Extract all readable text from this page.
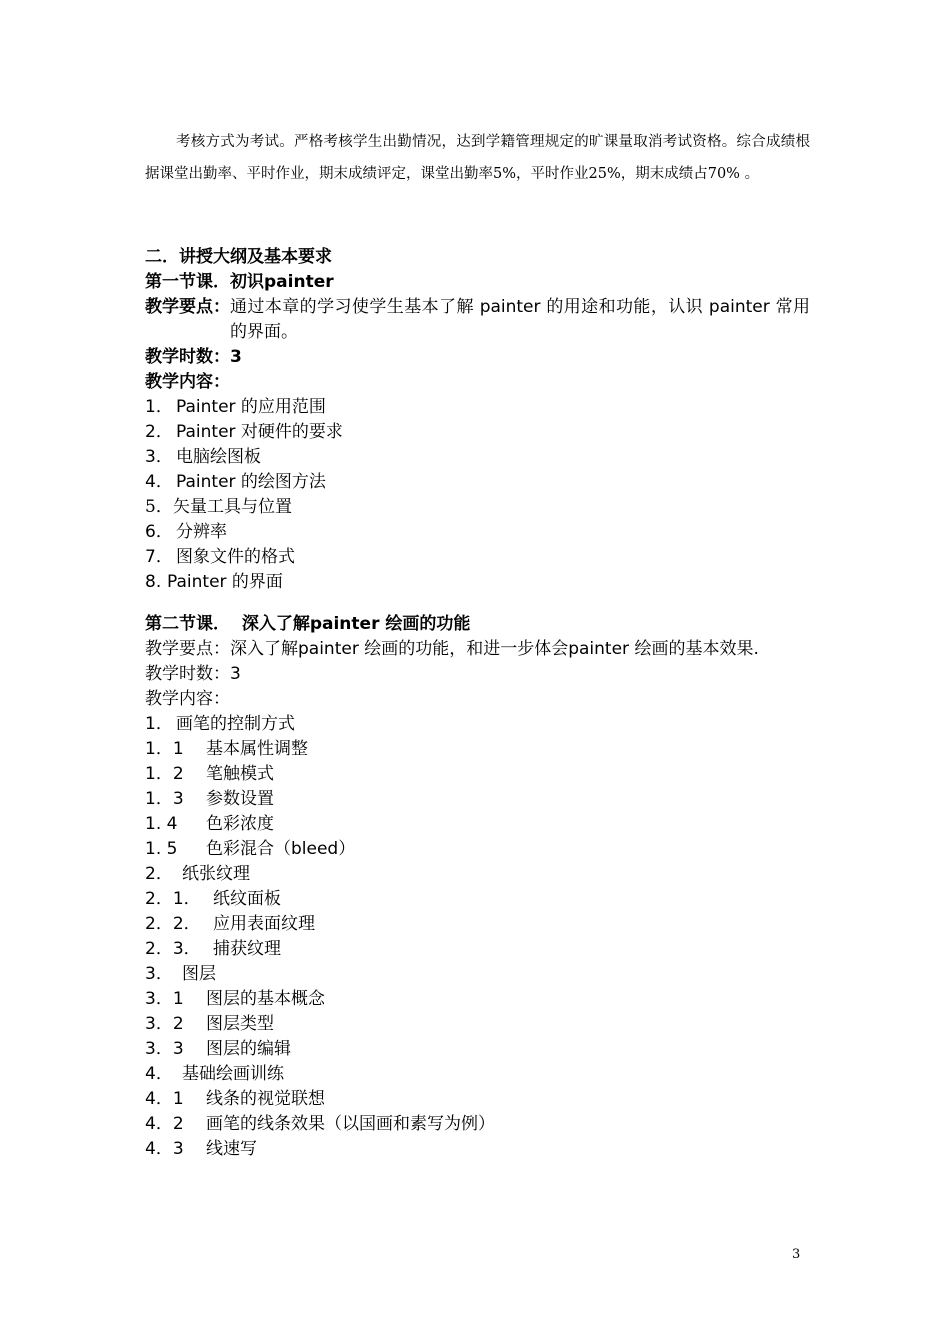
考核方式为考试。严格考核学生出勤情况，达到学籍管理规定的旷课量取消考试资格。综合成绩根据课堂出勤率、平时作业，期末成绩评定，课堂出勤率5%，平时作业25%，期末成绩占70% 。

二．讲授大纲及基本要求
第一节课．初识painter
教学要点： 通过本章的学习使学生基本了解 painter 的用途和功能，认识 painter 常用的界面。
教学时数：3
教学内容：
1． Painter 的应用范围
2． Painter 对硬件的要求
3． 电脑绘图板
4． Painter 的绘图方法
5．矢量工具与位置
6． 分辨率
7． 图象文件的格式
8.Painter 的界面
第二节课．  深入了解painter 绘画的功能
教学要点： 深入了解painter 绘画的功能，和进一步体会painter 绘画的基本效果.
教学时数：3
教学内容：
1． 画笔的控制方式
1．1 基本属性调整
1．2 笔触模式
1．3 参数设置
1. 4 色彩浓度
1. 5 色彩混合（bleed）
2． 纸张纹理
2．1． 纸纹面板
2．2． 应用表面纹理
2．3． 捕获纹理
3． 图层
3．1 图层的基本概念
3．2 图层类型
3．3 图层的编辑
4． 基础绘画训练
4．1 线条的视觉联想
4．2 画笔的线条效果（以国画和素写为例）
4．3 线速写
3
